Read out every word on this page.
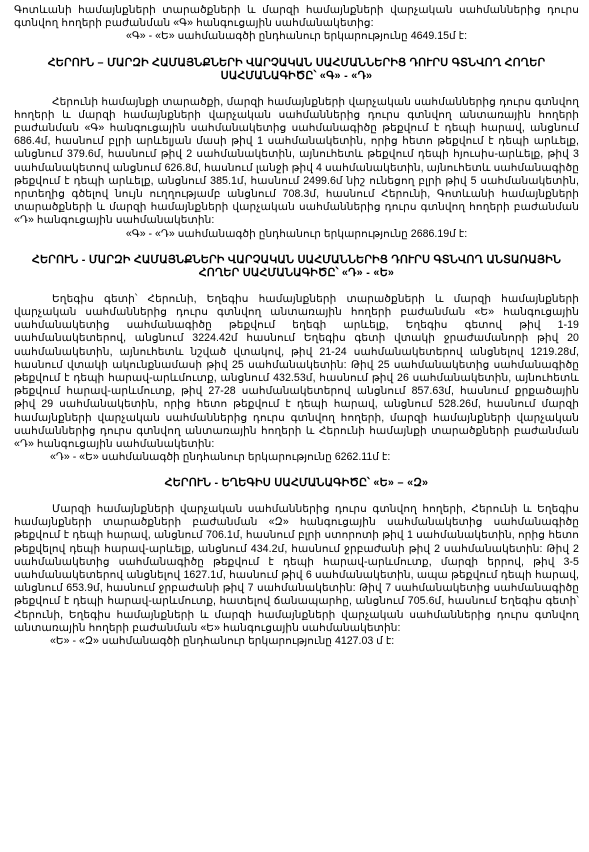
Գոտևանի համայնքների տարածքների և մարզի համայնքների վարչական սահմաններից դուրս գտնվող հողերի բաժանման «Գ» հանգուցային սահմանակետից:

«Գ» - «Ե» սահմանագծի ընդհանուր երկարությունը 4649.15մ է:

ՀԵՐՈՒՆ – ՄԱՐԶԻ ՀԱՄԱՅՆՔՆԵՐԻ ՎԱՐՉԱԿԱՆ ՍԱՀՄԱՆՆԵՐԻՑ ԴՈՒՐՍ ԳՏՆՎՈՂ ՀՈՂԵՐ
ՍԱՀՄԱՆԱԳԻԾԸ՝ «Գ» - «Դ»

Հերունի համայնքի տարածքի, մարզի համայնքների վարչական սահմաններից դուրս գտնվող հողերի և մարզի համայնքների վարչական սահմաններից դուրս գտնվող անտառային հողերի բաժանման «Գ» հանգուցային սահմանակետից սահմանագիծը թեքվում է դեպի հարավ, անցնում 686.4մ, հասնում բլրի արևելյան մասի թիվ 1 սահմանակետին, որից հետո թեքվում է դեպի արևելք, անցնում 379.6մ, հասնում թիվ 2 սահմանակետին, այնուհետև թեքվում դեպի հյուսիս-արևելք, թիվ 3 սահմանակետով անցնում 626.8մ, հասնում լանջի թիվ 4 սահմանակետին, այնուհետև սահմանագիծը թեքվում է դեպի արևելք, անցնում 385.1մ, հասնում 2499.6մ նիշ ունեցող բլրի թիվ 5 սահմանակետին, որտեղից գծելով նույն ուղղությամբ անցնում 708.3մ, հասնում Հերունի, Գոտևանի համայնքների տարածքների և մարզի համայնքների վարչական սահմաններից դուրս գտնվող հողերի բաժանման «Դ» հանգուցային սահմանակետին:

«Գ» - «Դ» սահմանագծի ընդհանուր երկարությունը 2686.19մ է:

ՀԵՐՈՒՆ - ՄԱՐԶԻ ՀԱՄԱՅՆՔՆԵՐԻ ՎԱՐՉԱԿԱՆ ՍԱՀՄԱՆՆԵՐԻՑ ԴՈՒՐՍ ԳՏՆՎՈՂ ԱՆՏԱՌԱՅԻՆ
ՀՈՂԵՐ ՍԱՀՄԱՆԱԳԻԾԸ՝ «Դ» - «Ե»

Եղեգիս գետի՝ Հերունի, Եղեգիս համայնքների տարածքների և մարզի համայնքների վարչական սահմաններից դուրս գտնվող անտառային հողերի բաժանման «Ե» հանգուցային սահմանակետից սահմանագիծը թեքվում եղեգի արևելք, Եղեգիս գետով թիվ 1-19 սահմանակետերով, անցնում 3224.42մ հասնում Եղեգիս գետի վտակի ջրաժամանորի թիվ 20 սահմանակետին, այնուհետև նշված վտակով, թիվ 21-24 սահմանակետերով անցնելով 1219.28մ, հասնում վտակի ակունքնամասի թիվ 25 սահմանակետին: Թիվ 25 սահմանակետից սահմանագիծը թեքվում է դեպի հարավ-արևմուտք, անցնում 432.53մ, հասնում թիվ 26 սահմանակետին, այնուհետև թեքվում հարավ-արևմուտք, թիվ 27-28 սահմանակետերով անցնում 857.63մ, հասնում քրքածային թիվ 29 սահմանակետին, որից հետո թեքվում է դեպի հարավ, անցնում 528.26մ, հասնում մարզի համայնքների վարչական սահմաններից դուրս գտնվող հողերի, մարզի համայնքների վարչական սահմաններից դուրս գտնվող անտառային հողերի և Հերունի համայնքի տարածքների բաժանման «Դ» հանգուցային սահմանակետին:

«Դ» - «Ե» սահմանագծի ընդհանուր երկարությունը 6262.11մ է:

ՀԵՐՈՒՆ - ԵՂԵԳԻՍ ՍԱՀՄԱՆԱԳԻԾԸ՝ «Ե» – «Զ»

Մարզի համայնքների վարչական սահմաններից դուրս գտնվող հողերի, Հերունի և Եղեգիս համայնքների տարածքների բաժանման «Զ» հանգուցային սահմանակետից սահմանագիծը թեքվում է դեպի հարավ, անցնում 706.1մ, հասնում բլրի ստորոտի թիվ 1 սահմանակետին, որից հետո թեքվելով դեպի հարավ-արևելք, անցնում 434.2մ, հասնում ջրբաժանի թիվ 2 սահմանակետին: Թիվ 2 սահմանակետից սահմանագիծը թեքվում է դեպի հարավ-արևմուտք, մարզի երրով, թիվ 3-5 սահմանակետերով անցնելով 1627.1մ, հասնում թիվ 6 սահմանակետին, ապա թեքվում դեպի հարավ, անցնում 653.9մ, հասնում ջրբաժանի թիվ 7 սահմանակետին: Թիվ 7 սահմանակետից սահմանագիծը թեքվում է դեպի հարավ-արևմուտք, հատելով ճանապարհը, անցնում 705.6մ, հասնում Եղեգիս գետի՝ Հերունի, Եղեգիս համայնքների և մարզի համայնքների վարչական սահմաններից դուրս գտնվող անտառային հողերի բաժանման «Ե» հանգուցային սահմանակետին:

«Ե» - «Զ» սահմանագծի ընդհանուր երկարությունը 4127.03 մ է:
